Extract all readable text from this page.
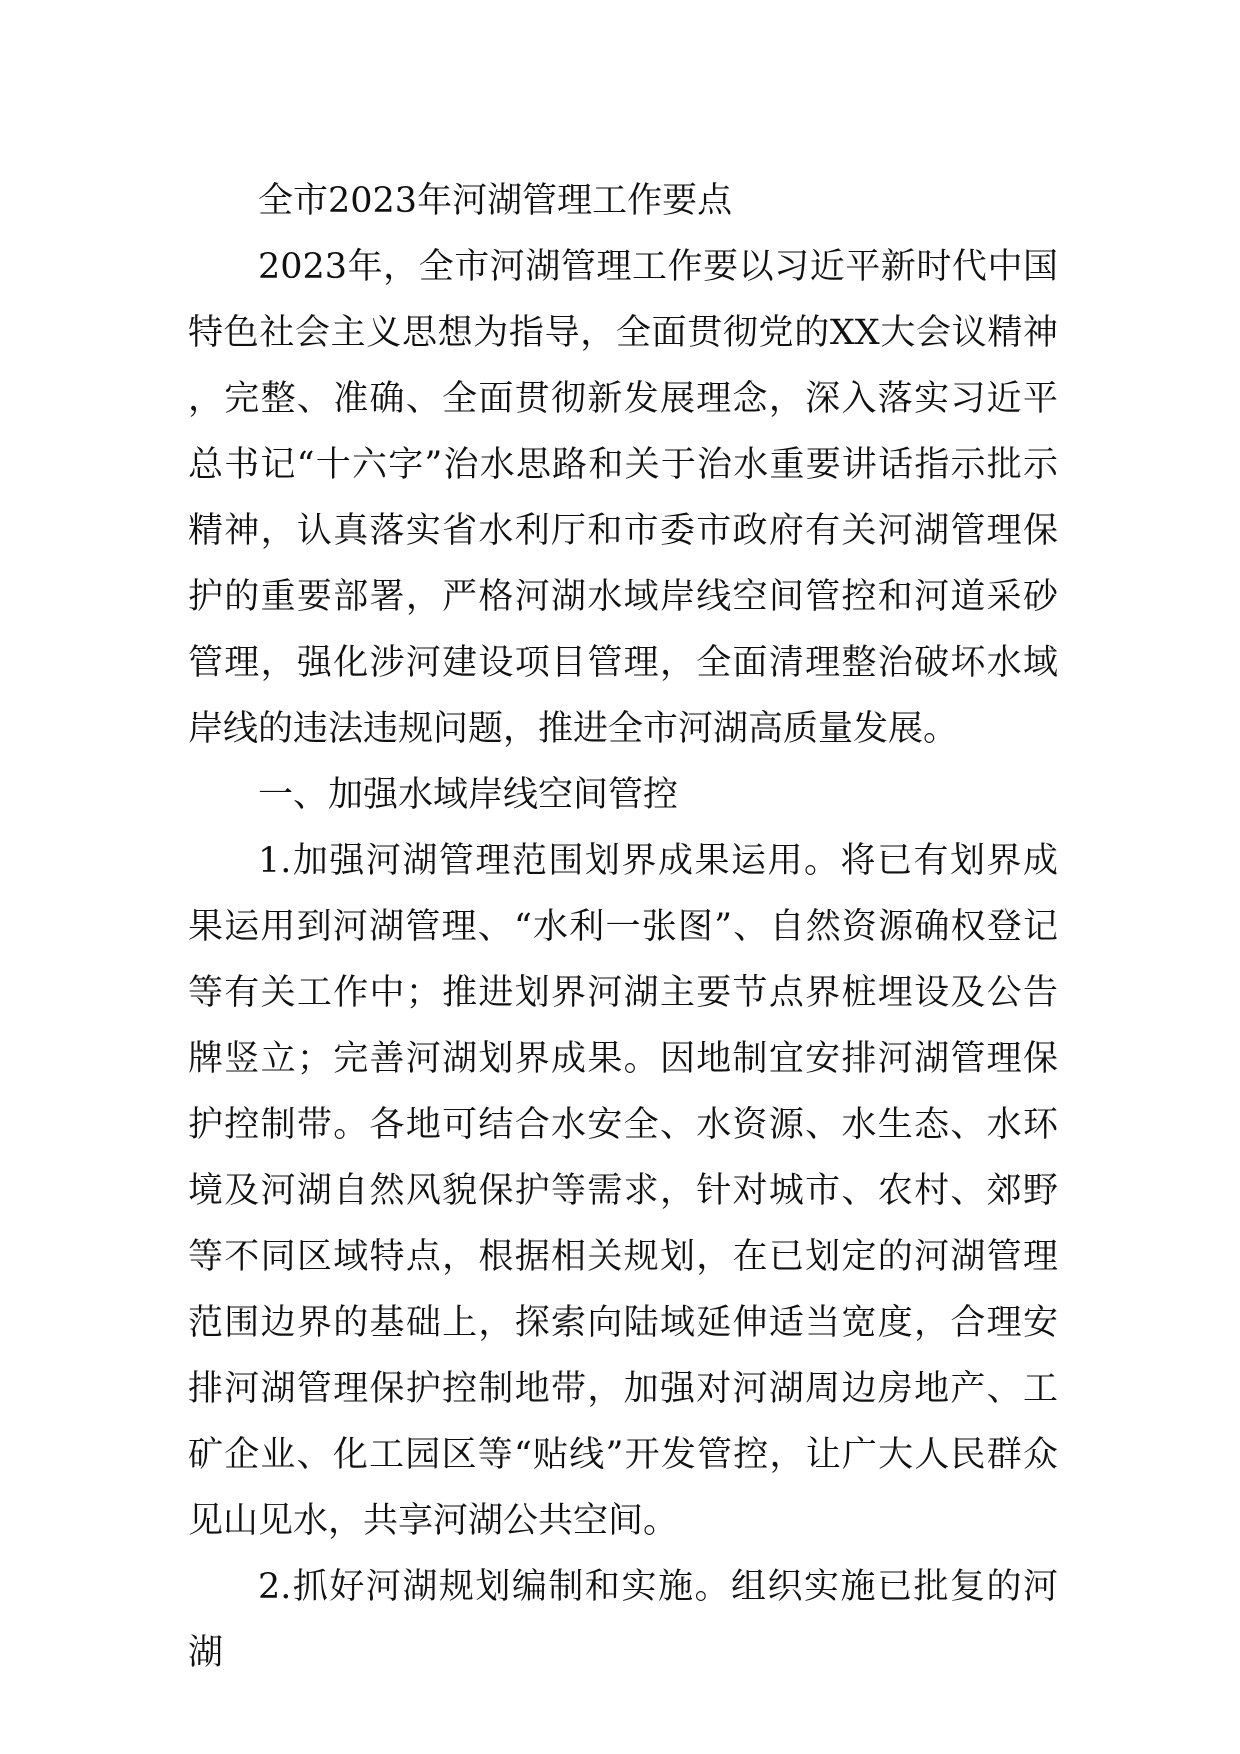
全市2023年河湖管理工作要点

2023年，全市河湖管理工作要以习近平新时代中国特色社会主义思想为指导，全面贯彻党的XX大会议精神，完整、准确、全面贯彻新发展理念，深入落实习近平总书记“十六字”治水思路和关于治水重要讲话指示批示精神，认真落实省水利厅和市委市政府有关河湖管理保护的重要部署，严格河湖水域岸线空间管控和河道采砂管理，强化涉河建设项目管理，全面清理整治破坏水域岸线的违法违规问题，推进全市河湖高质量发展。

一、加强水域岸线空间管控

1.加强河湖管理范围划界成果运用。将已有划界成果运用到河湖管理、“水利一张图”、自然资源确权登记等有关工作中；推进划界河湖主要节点界桩埋设及公告牌竖立；完善河湖划界成果。因地制宜安排河湖管理保护控制带。各地可结合水安全、水资源、水生态、水环境及河湖自然风貌保护等需求，针对城市、农村、郊野等不同区域特点，根据相关规划，在已划定的河湖管理范围边界的基础上，探索向陆域延伸适当宽度，合理安排河湖管理保护控制地带，加强对河湖周边房地产、工矿企业、化工园区等“贴线”开发管控，让广大人民群众见山见水，共享河湖公共空间。

2.抓好河湖规划编制和实施。组织实施已批复的河湖
